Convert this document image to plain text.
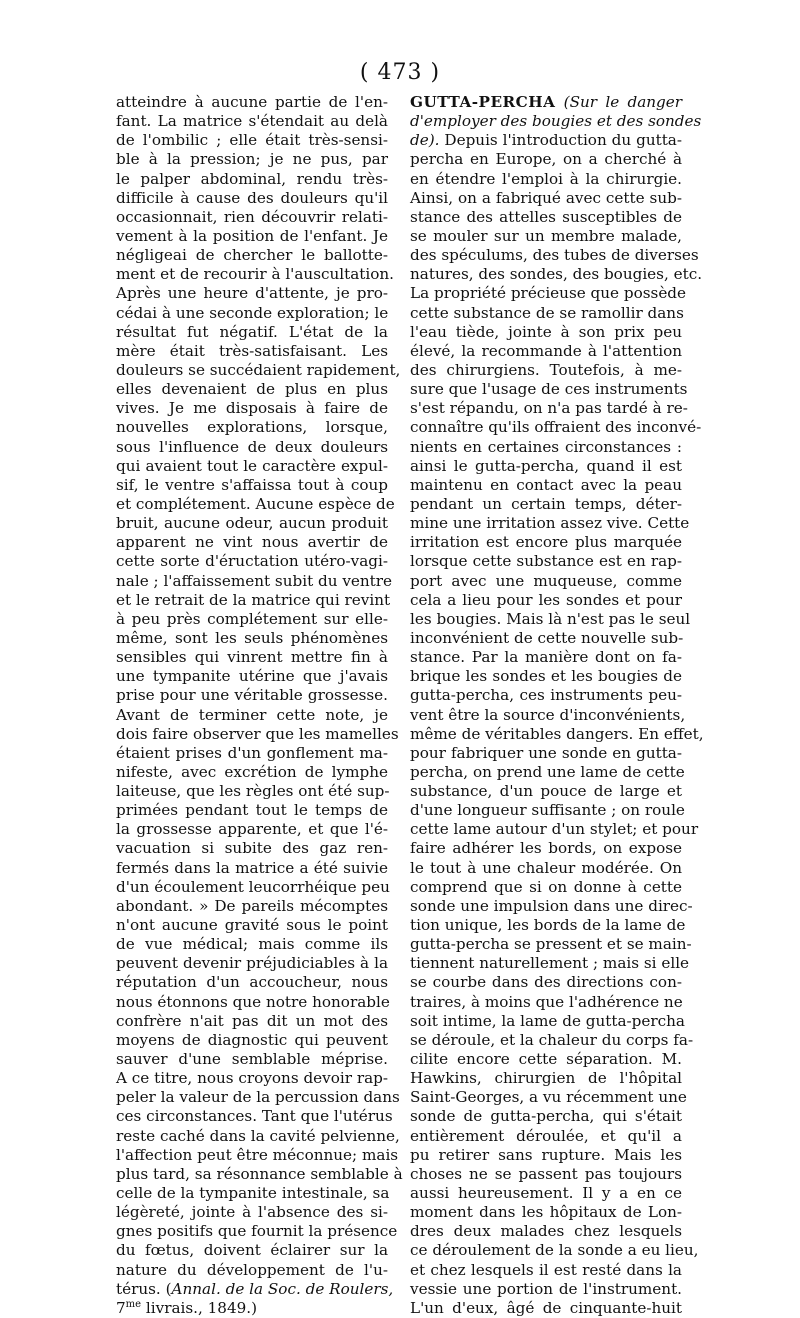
( 473 )
atteindre à aucune partie de l'en-
fant. La matrice s'étendait au delà
de l'ombilic ; elle était très-sensi-
ble à la pression; je ne pus, par
le palper abdominal, rendu très-
difficile à cause des douleurs qu'il
occasionnait, rien découvrir relati-
vement à la position de l'enfant. Je
négligeai de chercher le ballotte-
ment et de recourir à l'auscultation.
Après une heure d'attente, je pro-
cédai à une seconde exploration; le
résultat fut négatif. L'état de la
mère était très-satisfaisant. Les
douleurs se succédaient rapidement,
elles devenaient de plus en plus
vives. Je me disposais à faire de
nouvelles explorations, lorsque,
sous l'influence de deux douleurs
qui avaient tout le caractère expul-
sif, le ventre s'affaissa tout à coup
et complétement. Aucune espèce de
bruit, aucune odeur, aucun produit
apparent ne vint nous avertir de
cette sorte d'éructation utéro-vagi-
nale ; l'affaissement subit du ventre
et le retrait de la matrice qui revint
à peu près complétement sur elle-
même, sont les seuls phénomènes
sensibles qui vinrent mettre fin à
une tympanite utérine que j'avais
prise pour une véritable grossesse.
Avant de terminer cette note, je
dois faire observer que les mamelles
étaient prises d'un gonflement ma-
nifeste, avec excrétion de lymphe
laiteuse, que les règles ont été sup-
primées pendant tout le temps de
la grossesse apparente, et que l'é-
vacuation si subite des gaz ren-
fermés dans la matrice a été suivie
d'un écoulement leucorrhéique peu
abondant. » De pareils mécomptes
n'ont aucune gravité sous le point
de vue médical; mais comme ils
peuvent devenir préjudiciables à la
réputation d'un accoucheur, nous
nous étonnons que notre honorable
confrère n'ait pas dit un mot des
moyens de diagnostic qui peuvent
sauver d'une semblable méprise.
A ce titre, nous croyons devoir rap-
peler la valeur de la percussion dans
ces circonstances. Tant que l'utérus
reste caché dans la cavité pelvienne,
l'affection peut être méconnue; mais
plus tard, sa résonnance semblable à
celle de la tympanite intestinale, sa
légèreté, jointe à l'absence des si-
gnes positifs que fournit la présence
du fœtus, doivent éclairer sur la
nature du développement de l'u-
térus. (Annal. de la Soc. de Roulers,
$7^{me}$ livrais., 1849.)
GUTTA-PERCHA (Sur le danger
d'employer des bougies et des sondes
de). Depuis l'introduction du gutta-
percha en Europe, on a cherché à
en étendre l'emploi à la chirurgie.
Ainsi, on a fabriqué avec cette sub-
stance des attelles susceptibles de
se mouler sur un membre malade,
des spéculums, des tubes de diverses
natures, des sondes, des bougies, etc.
La propriété précieuse que possède
cette substance de se ramollir dans
l'eau tiède, jointe à son prix peu
élevé, la recommande à l'attention
des chirurgiens. Toutefois, à me-
sure que l'usage de ces instruments
s'est répandu, on n'a pas tardé à re-
connaître qu'ils offraient des inconvé-
nients en certaines circonstances :
ainsi le gutta-percha, quand il est
maintenu en contact avec la peau
pendant un certain temps, déter-
mine une irritation assez vive. Cette
irritation est encore plus marquée
lorsque cette substance est en rap-
port avec une muqueuse, comme
cela a lieu pour les sondes et pour
les bougies. Mais là n'est pas le seul
inconvénient de cette nouvelle sub-
stance. Par la manière dont on fa-
brique les sondes et les bougies de
gutta-percha, ces instruments peu-
vent être la source d'inconvénients,
même de véritables dangers. En effet,
pour fabriquer une sonde en gutta-
percha, on prend une lame de cette
substance, d'un pouce de large et
d'une longueur suffisante ; on roule
cette lame autour d'un stylet; et pour
faire adhérer les bords, on expose
le tout à une chaleur modérée. On
comprend que si on donne à cette
sonde une impulsion dans une direc-
tion unique, les bords de la lame de
gutta-percha se pressent et se main-
tiennent naturellement ; mais si elle
se courbe dans des directions con-
traires, à moins que l'adhérence ne
soit intime, la lame de gutta-percha
se déroule, et la chaleur du corps fa-
cilite encore cette séparation. M.
Hawkins, chirurgien de l'hôpital
Saint-Georges, a vu récemment une
sonde de gutta-percha, qui s'était
entièrement déroulée, et qu'il a
pu retirer sans rupture. Mais les
choses ne se passent pas toujours
aussi heureusement. Il y a en ce
moment dans les hôpitaux de Lon-
dres deux malades chez lesquels
ce déroulement de la sonde a eu lieu,
et chez lesquels il est resté dans la
vessie une portion de l'instrument.
L'un d'eux, âgé de cinquante-huit
